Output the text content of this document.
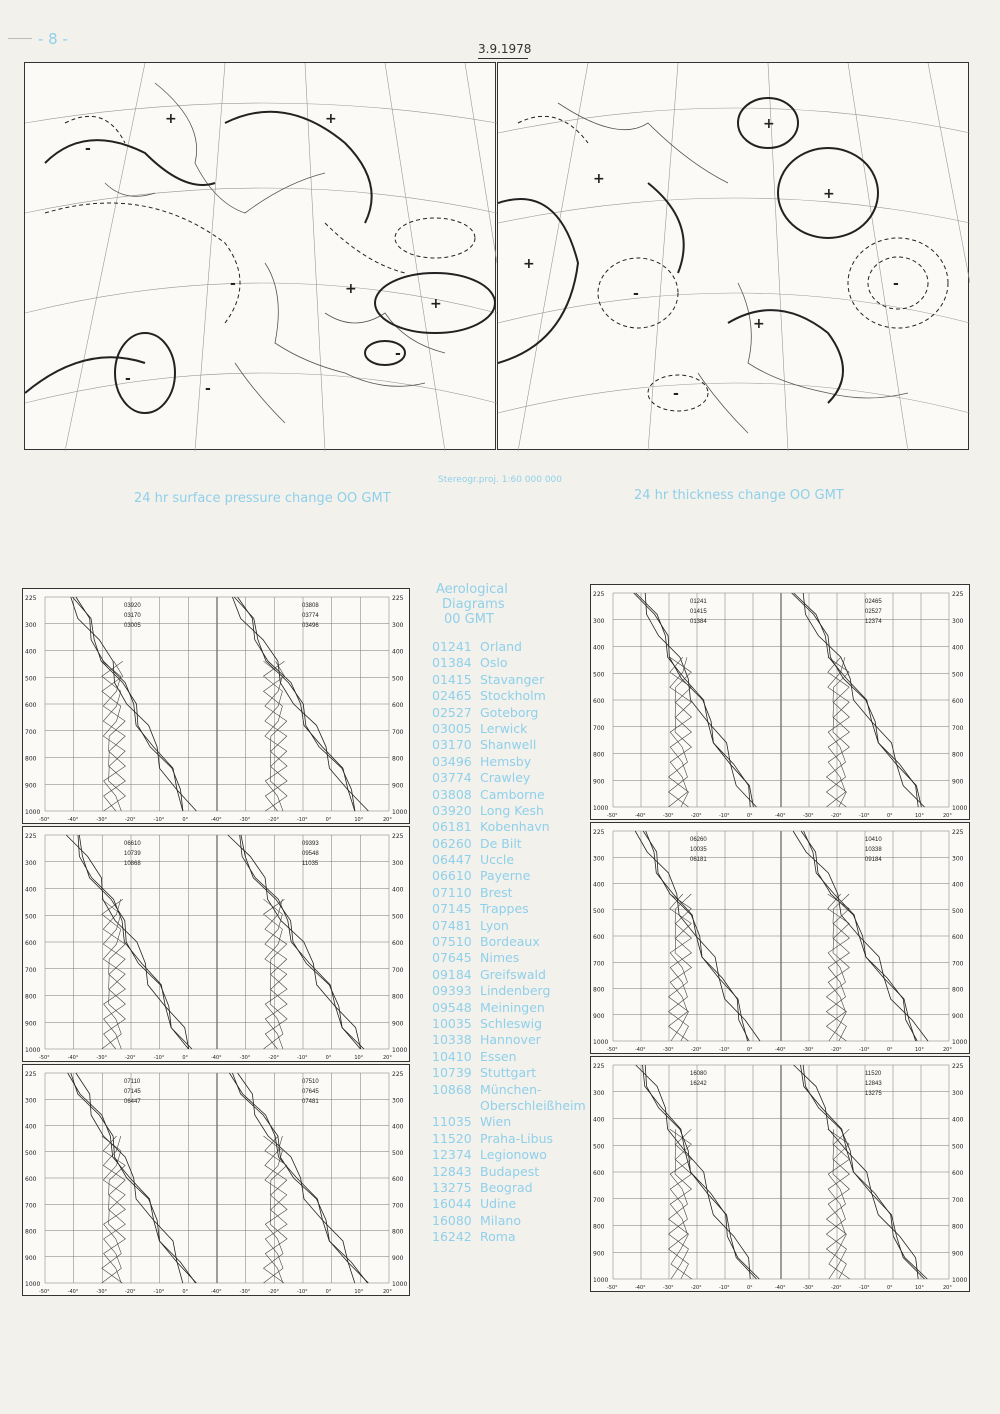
- 8 -
3.9.1978
-
-
-
-	+
+
+	+
-
+
+
+
-
-
-
+
+
Stereogr.proj. 1:60 000 000
24 hr surface pressure change OO GMT	24 hr thickness change OO GMT
225	225
300	300
400	400
500	500
600	600
700	700
800	800
900	900
1000	1000
-50°	-40°	-30°	-20°	-10°	0°	-40°	-30°	-20°	-10°	0°	10°	20°
03920
03170
03005
03808
03774
03496
225	225
300	300
400	400
500	500
600	600
700	700
800	800
900	900
1000	1000
-50°	-40°	-30°	-20°	-10°	0°	-40°	-30°	-20°	-10°	0°	10°	20°
06610
10739
10868
09393
09548
11035
225	225
300	300
400	400
500	500
600	600
700	700
800	800
900	900
1000	1000
-50°	-40°	-30°	-20°	-10°	0°	-40°	-30°	-20°	-10°	0°	10°	20°
07110
07145
06447
07510
07645
07481
225	225
300	300
400	400
500	500
600	600
700	700
800	800
900	900
1000	1000
-50°	-40°	-30°	-20°	-10°	0°	-40°	-30°	-20°	-10°	0°	10°	20°
01241
01415
01384
02465
02527
12374
225	225
300	300
400	400
500	500
600	600
700	700
800	800
900	900
1000	1000
-50°	-40°	-30°	-20°	-10°	0°	-40°	-30°	-20°	-10°	0°	10°	20°
06260
10035
06181
10410
10338
09184
225	225
300	300
400	400
500	500
600	600
700	700
800	800
900	900
1000	1000
-50°	-40°	-30°	-20°	-10°	0°	-40°	-30°	-20°	-10°	0°	10°	20°
16080
16242
11520
12843
13275
Aerological
Diagrams
00 GMT
01241 Orland
01384 Oslo
01415 Stavanger
02465 Stockholm
02527 Goteborg
03005 Lerwick
03170 Shanwell
03496 Hemsby
03774 Crawley
03808 Camborne
03920 Long Kesh
06181 Kobenhavn
06260 De Bilt
06447 Uccle
06610 Payerne
07110 Brest
07145 Trappes
07481 Lyon
07510 Bordeaux
07645 Nimes
09184 Greifswald
09393 Lindenberg
09548 Meiningen
10035 Schleswig
10338 Hannover
10410 Essen
10739 Stuttgart
10868 München-
Oberschleißheim
11035 Wien
11520 Praha-Libus
12374 Legionowo
12843 Budapest
13275 Beograd
16044 Udine
16080 Milano
16242 Roma
